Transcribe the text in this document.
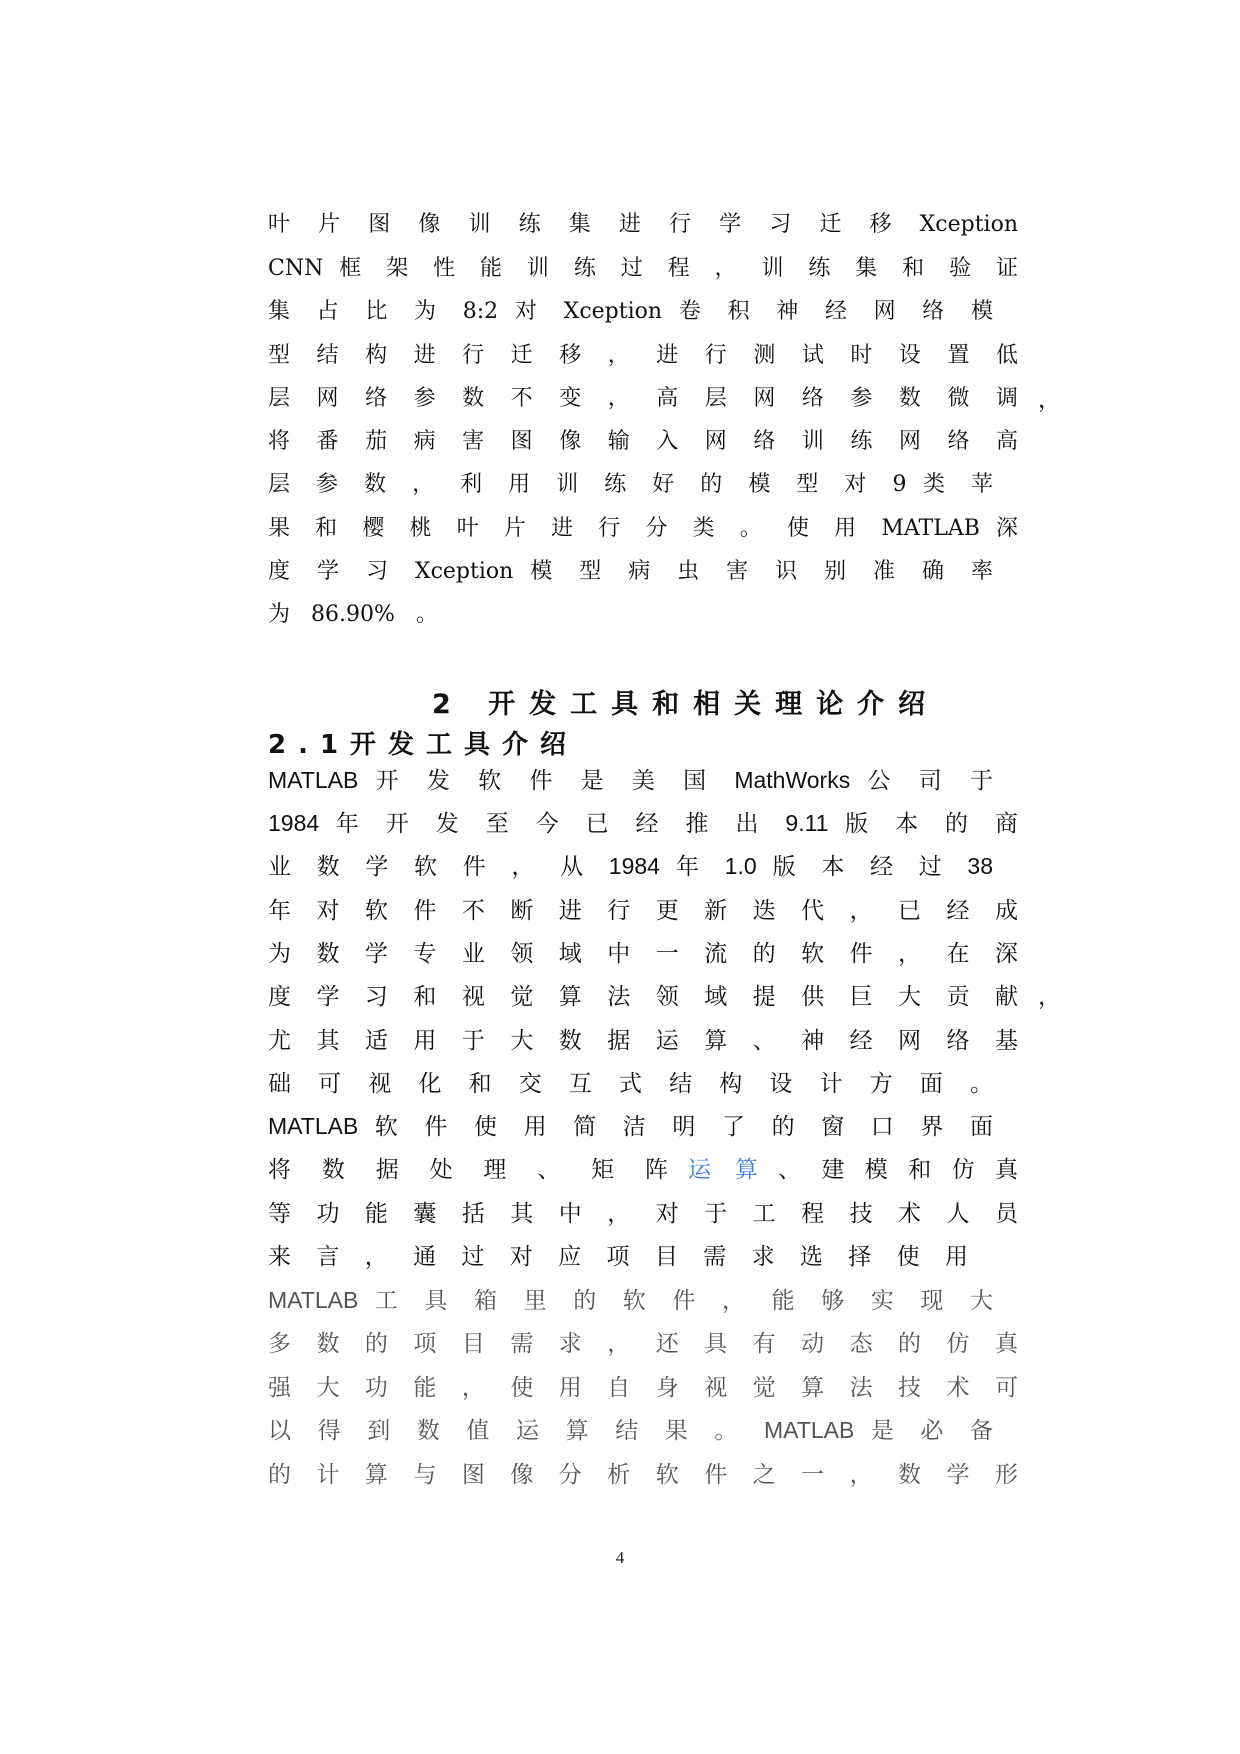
叶 片 图 像 训 练 集 进 行 学 习 迁 移 Xception
CNN 框 架 性 能 训 练 过 程 ， 训 练 集 和 验 证
集 占 比 为 8:2 对 Xception 卷 积 神 经 网 络 模
型 结 构 进 行 迁 移 ， 进 行 测 试 时 设 置 低
层 网 络 参 数 不 变 ， 高 层 网 络 参 数 微 调 ，
将 番 茄 病 害 图 像 输 入 网 络 训 练 网 络 高
层 参 数 ， 利 用 训 练 好 的 模 型 对 9 类 苹
果 和 樱 桃 叶 片 进 行 分 类 。 使 用 MATLAB 深
度 学 习 Xception 模 型 病 虫 害 识 别 准 确 率
为 86.90% 。
2 开发工具和相关理论介绍
2.1开发工具介绍
MATLAB 开 发 软 件 是 美 国 MathWorks 公 司 于
1984 年 开 发 至 今 已 经 推 出 9.11 版 本 的 商
业 数 学 软 件 ， 从 1984 年 1.0 版 本 经 过 38
年 对 软 件 不 断 进 行 更 新 迭 代 ， 已 经 成
为 数 学 专 业 领 域 中 一 流 的 软 件 ， 在 深
度 学 习 和 视 觉 算 法 领 域 提 供 巨 大 贡 献 ，
尤 其 适 用 于 大 数 据 运 算 、 神 经 网 络 基
础 可 视 化 和 交 互 式 结 构 设 计 方 面 。
MATLAB 软 件 使 用 简 洁 明 了 的 窗 口 界 面
将 数 据 处 理 、 矩 阵 运 算 、 建 模 和 仿 真
等 功 能 囊 括 其 中 ， 对 于 工 程 技 术 人 员
来 言 ， 通 过 对 应 项 目 需 求 选 择 使 用
MATLAB 工 具 箱 里 的 软 件 ， 能 够 实 现 大
多 数 的 项 目 需 求 ， 还 具 有 动 态 的 仿 真
强 大 功 能 ， 使 用 自 身 视 觉 算 法 技 术 可
以 得 到 数 值 运 算 结 果 。 MATLAB 是 必 备
的 计 算 与 图 像 分 析 软 件 之 一 ， 数 学 形
4
